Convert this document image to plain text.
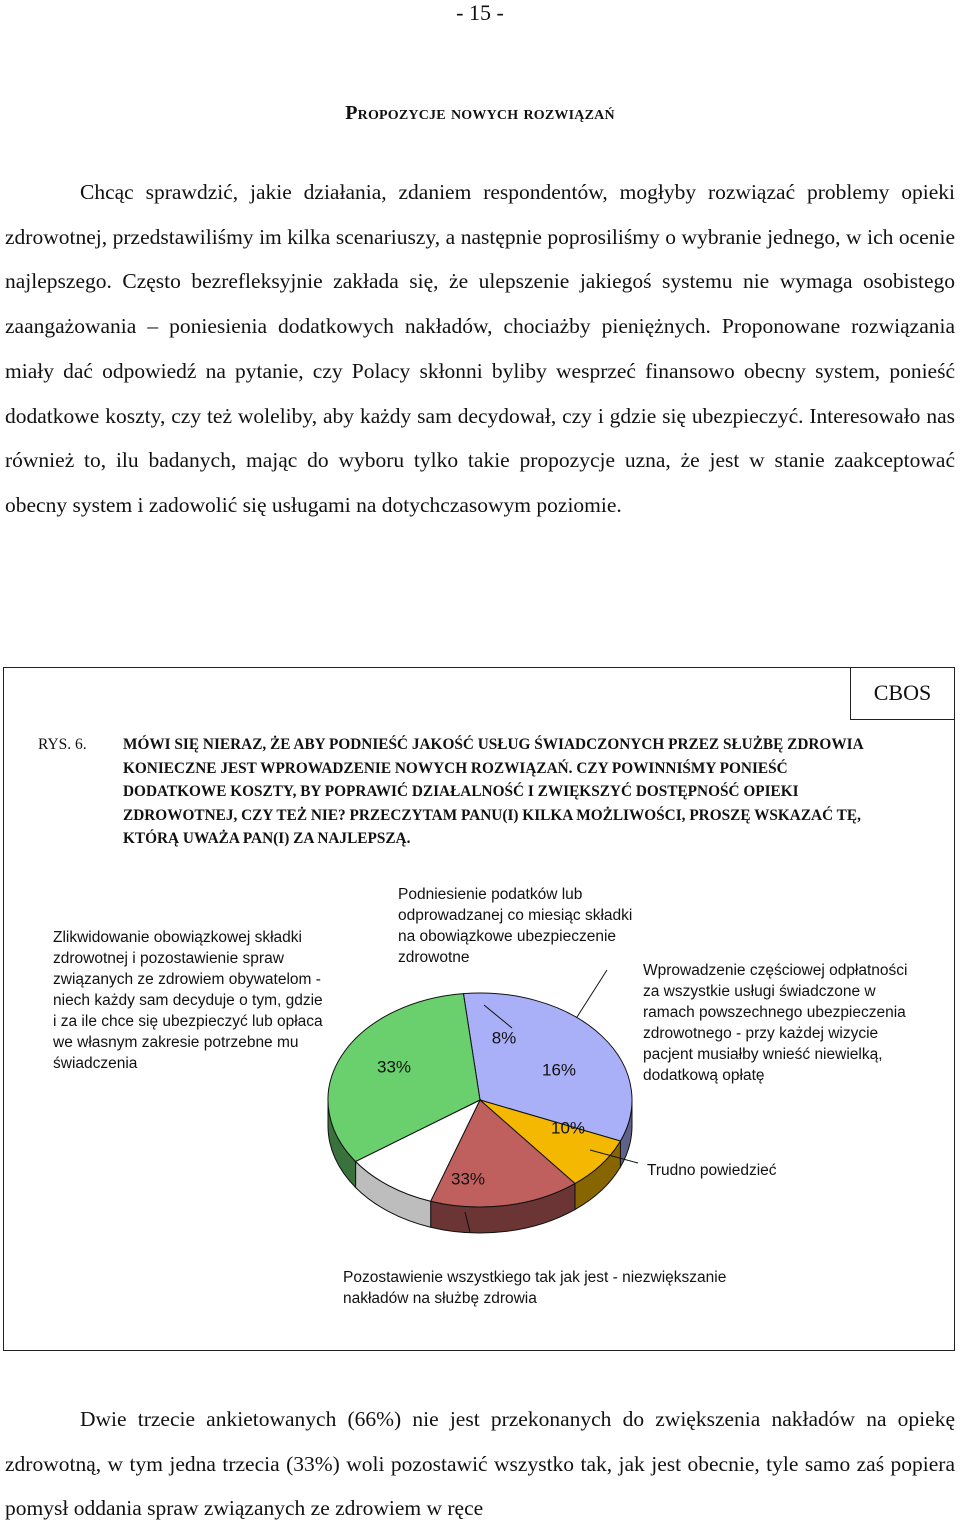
- 15 -
Propozycje nowych rozwiązań

Chcąc sprawdzić, jakie działania, zdaniem respondentów, mogłyby rozwiązać problemy opieki zdrowotnej, przedstawiliśmy im kilka scenariuszy, a następnie poprosiliśmy o wybranie jednego, w ich ocenie najlepszego. Często bezrefleksyjnie zakłada się, że ulepszenie jakiegoś systemu nie wymaga osobistego zaangażowania – poniesienia dodatkowych nakładów, chociażby pieniężnych. Proponowane rozwiązania miały dać odpowiedź na pytanie, czy Polacy skłonni byliby wesprzeć finansowo obecny system, ponieść dodatkowe koszty, czy też woleliby, aby każdy sam decydował, czy i gdzie się ubezpieczyć. Interesowało nas również to, ilu badanych, mając do wyboru tylko takie propozycje uzna, że jest w stanie zaakceptować obecny system i zadowolić się usługami na dotychczasowym poziomie.

CBOS
RYS. 6. MÓWI SIĘ NIERAZ, ŻE ABY PODNIEŚĆ JAKOŚĆ USŁUG ŚWIADCZONYCH PRZEZ SŁUŻBĘ ZDROWIA KONIECZNE JEST WPROWADZENIE NOWYCH ROZWIĄZAŃ. CZY POWINNIŚMY PONIEŚĆ DODATKOWE KOSZTY, BY POPRAWIĆ DZIAŁALNOŚĆ I ZWIĘKSZYĆ DOSTĘPNOŚĆ OPIEKI ZDROWOTNEJ, CZY TEŻ NIE? PRZECZYTAM PANU(I) KILKA MOŻLIWOŚCI, PROSZĘ WSKAZAĆ TĘ, KTÓRĄ UWAŻA PAN(I) ZA NAJLEPSZĄ.

33%
8%
16%
10%
33%

Zlikwidowanie obowiązkowej składki zdrowotnej i pozostawienie spraw związanych ze zdrowiem obywatelom - niech każdy sam decyduje o tym, gdzie i za ile chce się ubezpieczyć lub opłaca we własnym zakresie potrzebne mu świadczenia

Podniesienie podatków lub odprowadzanej co miesiąc składki na obowiązkowe ubezpieczenie zdrowotne

Wprowadzenie częściowej odpłatności za wszystkie usługi świadczone w ramach powszechnego ubezpieczenia zdrowotnego - przy każdej wizycie pacjent musiałby wnieść niewielką, dodatkową opłatę

Trudno powiedzieć

Pozostawienie wszystkiego tak jak jest - niezwiększanie nakładów na służbę zdrowia

Dwie trzecie ankietowanych (66%) nie jest przekonanych do zwiększenia nakładów na opiekę zdrowotną, w tym jedna trzecia (33%) woli pozostawić wszystko tak, jak jest obecnie, tyle samo zaś popiera pomysł oddania spraw związanych ze zdrowiem w ręce
